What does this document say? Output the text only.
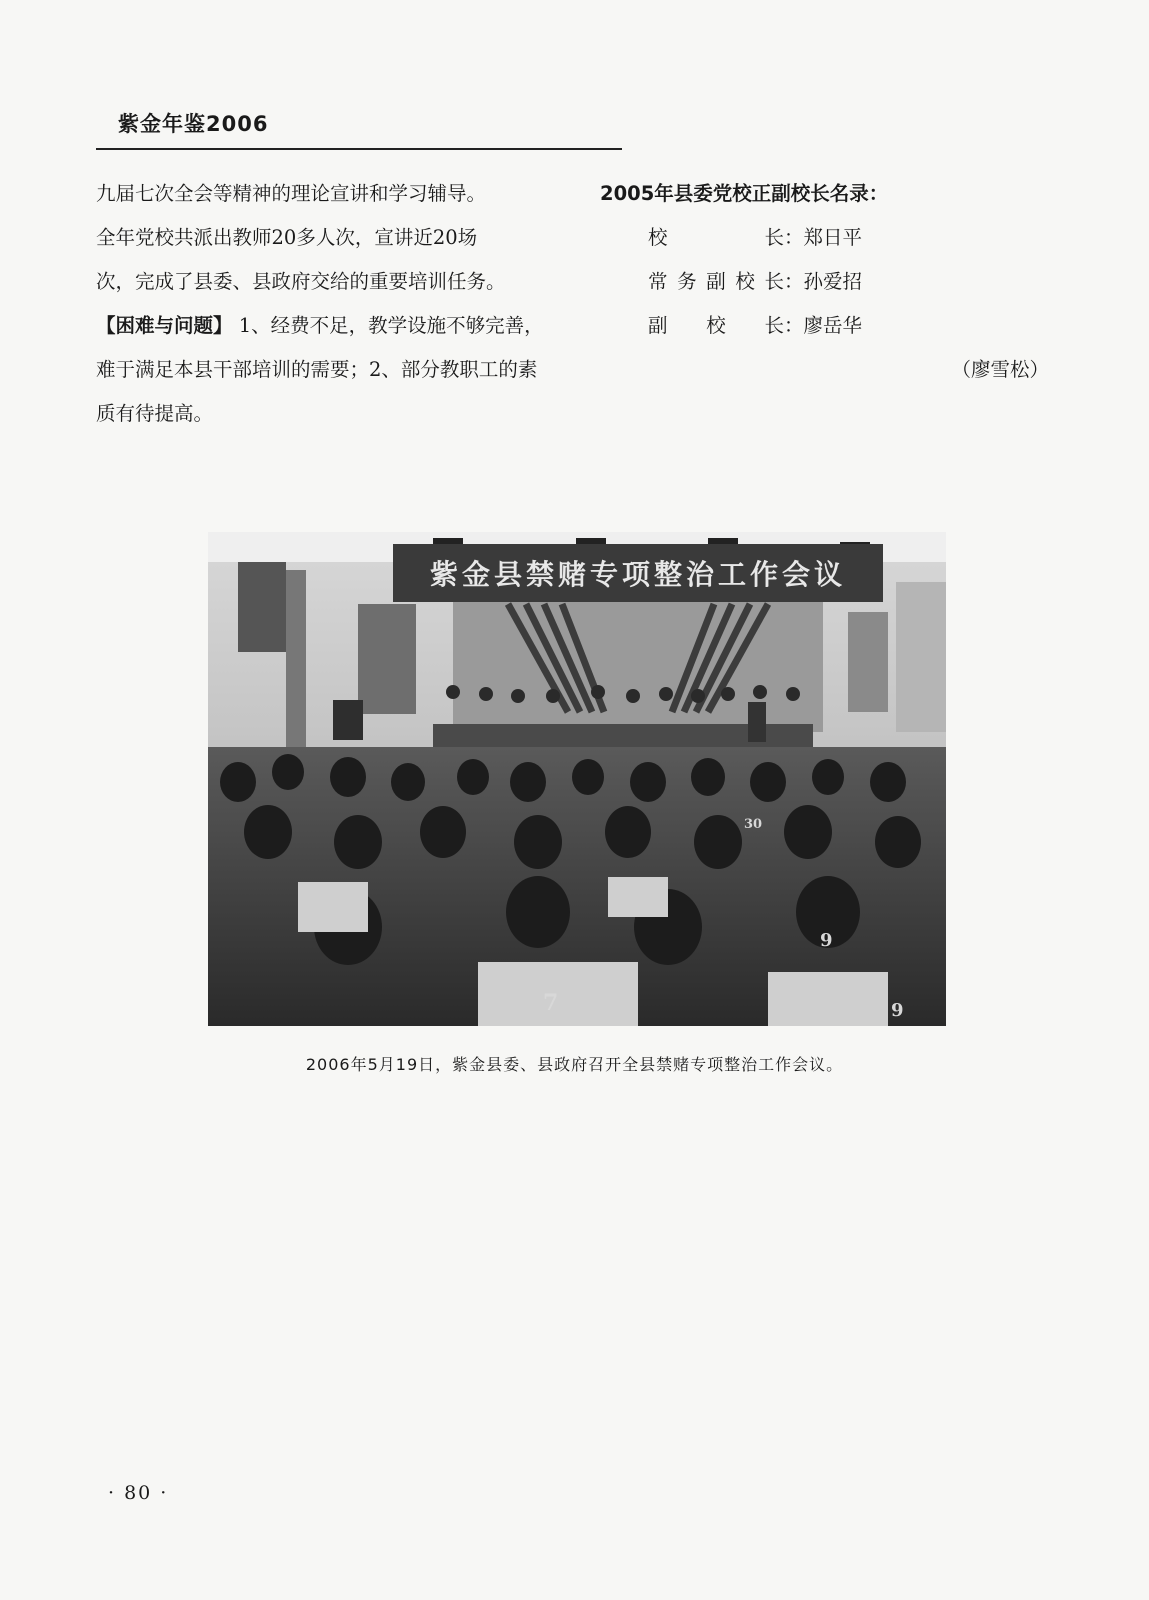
紫金年鉴2006
九届七次全会等精神的理论宣讲和学习辅导。
全年党校共派出教师20多人次，宣讲近20场
次，完成了县委、县政府交给的重要培训任务。

【困难与问题】 1、经费不足，教学设施不够完善，难于满足本县干部培训的需要；2、部分教职工的素质有待提高。

2005年县委党校正副校长名录：
校长：郑日平
常务副校长：孙爱招
副校长：廖岳华
（廖雪松）
紫金县禁赌专项整治工作会议
30
9
7	9
2006年5月19日，紫金县委、县政府召开全县禁赌专项整治工作会议。
· 80 ·
